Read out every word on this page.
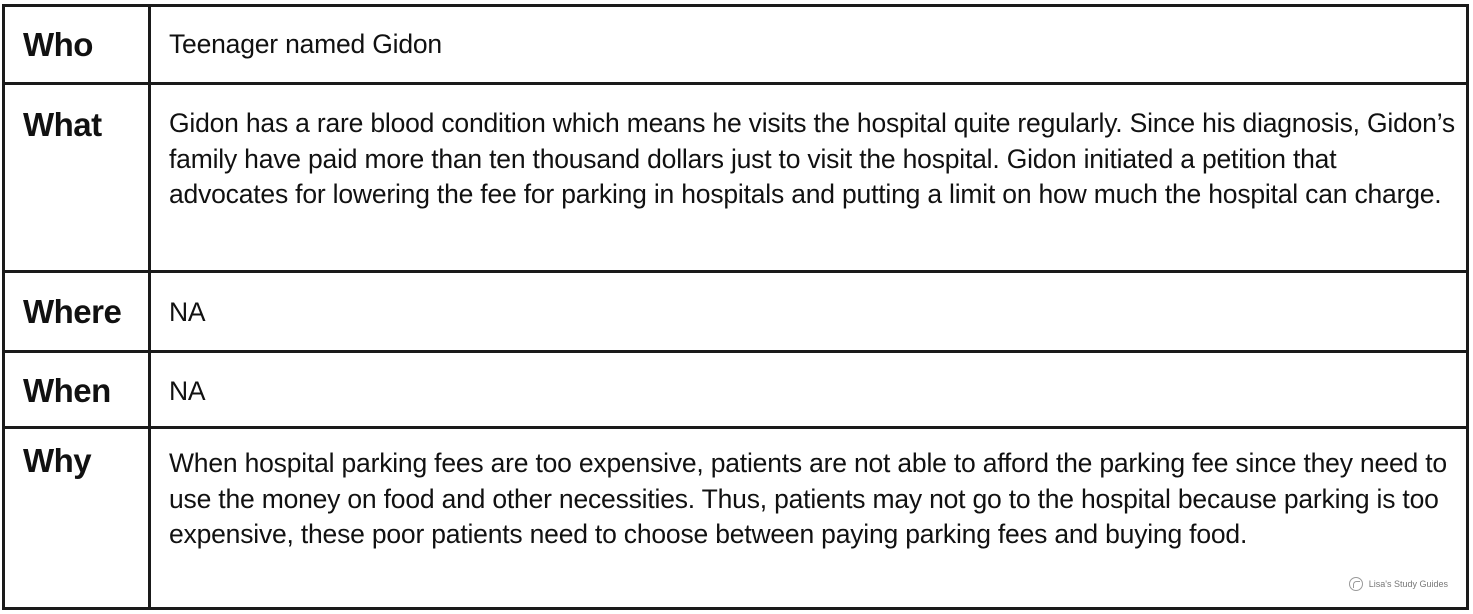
Who	Teenager named Gidon
What	Gidon has a rare blood condition which means he visits the hospital quite regularly. Since his diagnosis, Gidon’s family have paid more than ten thousand dollars just to visit the hospital. Gidon initiated a petition that advocates for lowering the fee for parking in hospitals and putting a limit on how much the hospital can charge.
Where NA
When NA
Why	When hospital parking fees are too expensive, patients are not able to afford the parking fee since they need to use the money on food and other necessities. Thus, patients may not go to the hospital because parking is too expensive, these poor patients need to choose between paying parking fees and buying food.
Lisa's Study Guides
